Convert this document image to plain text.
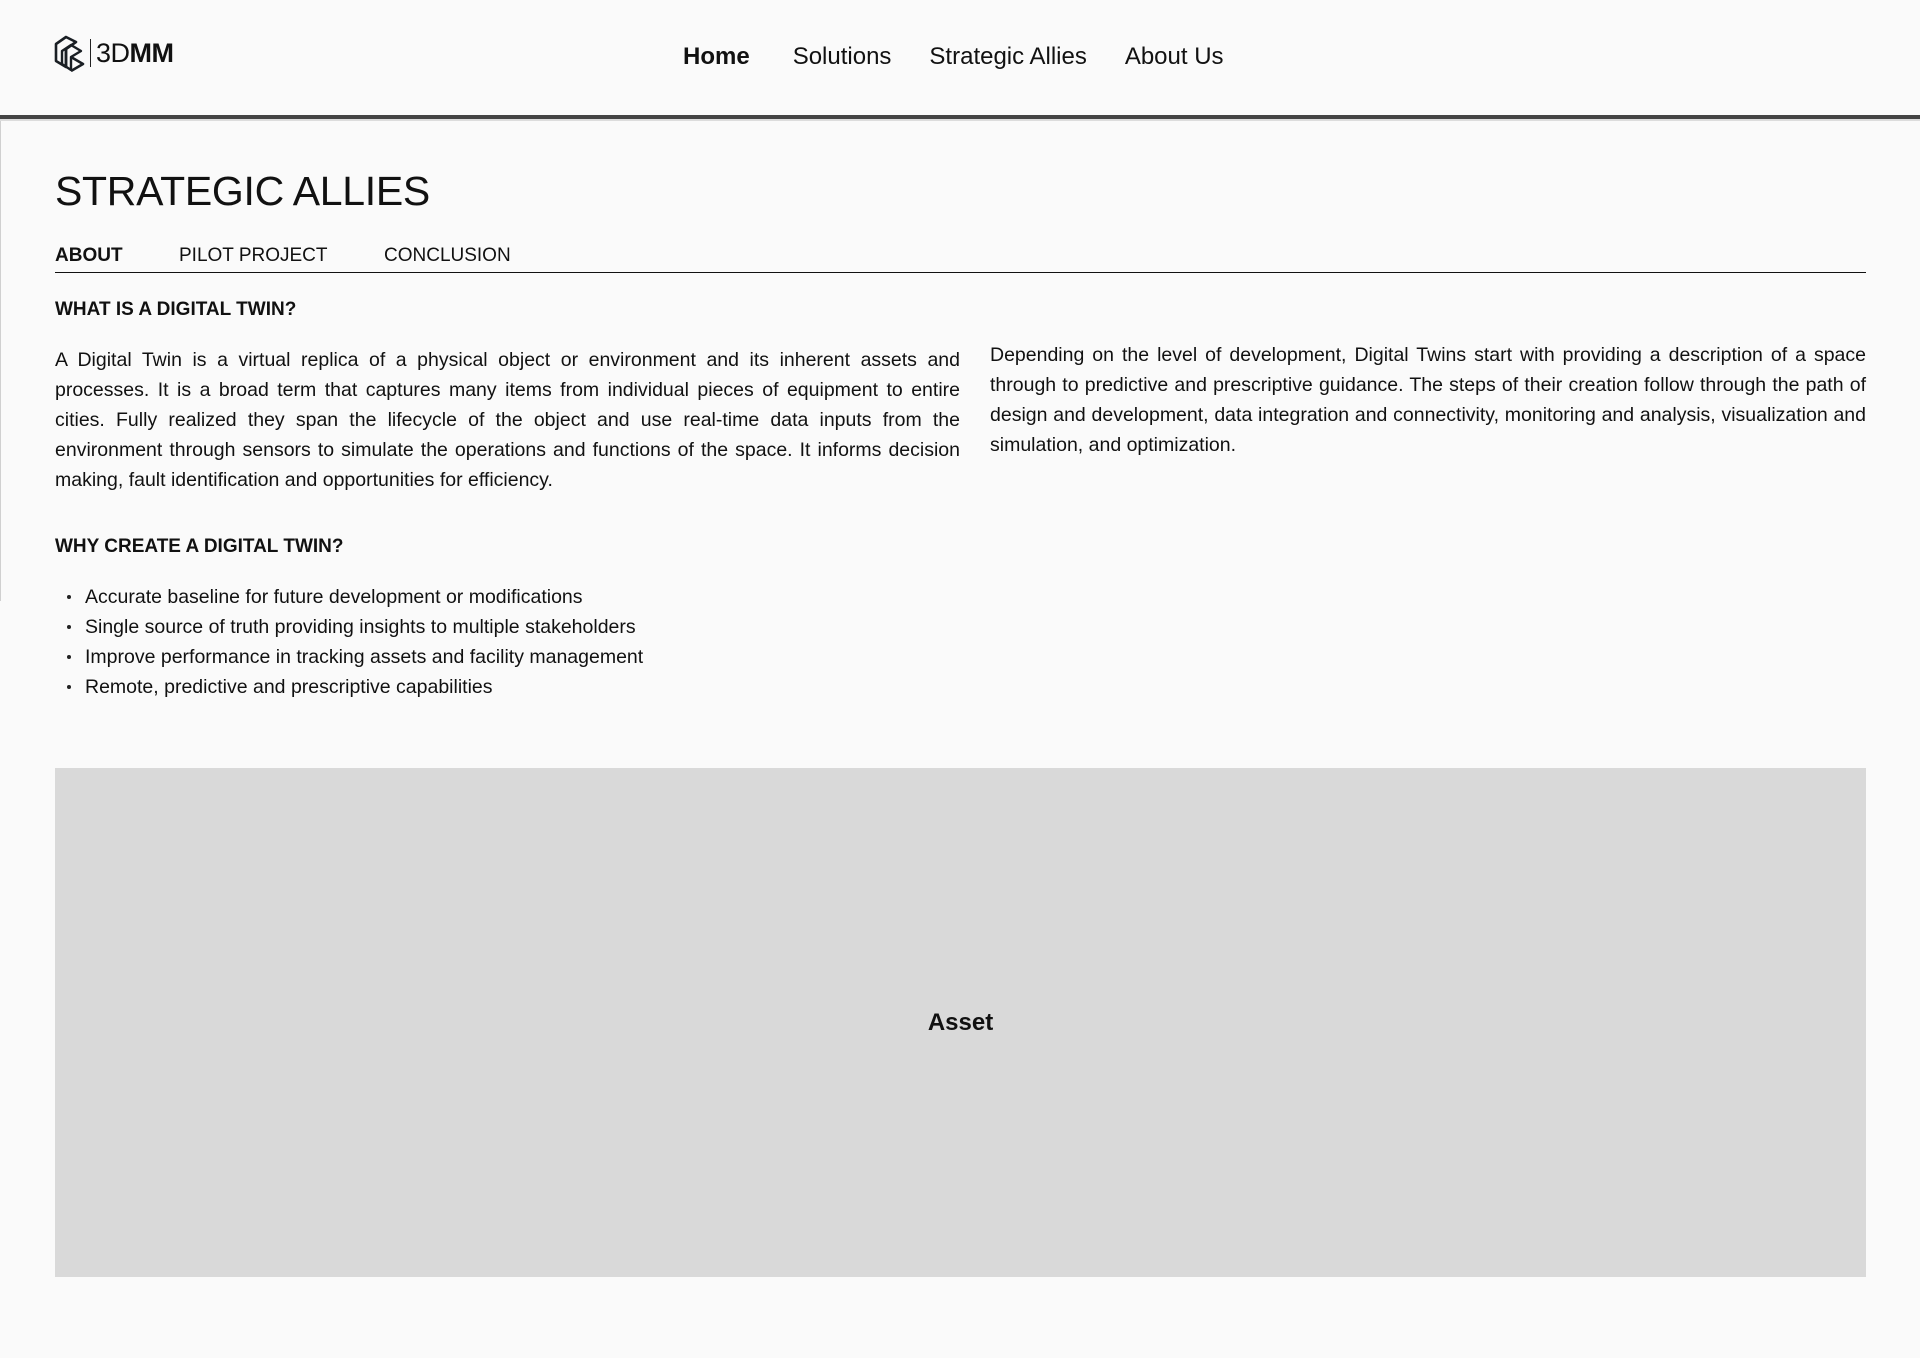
3DMM	Home Solutions Strategic Allies About Us
STRATEGIC ALLIES
ABOUT	PILOT PROJECT	CONCLUSION
WHAT IS A DIGITAL TWIN?

A Digital Twin is a virtual replica of a physical object or environment and its inherent assets and processes. It is a broad term that captures many items from individual pieces of equipment to entire cities. Fully realized they span the lifecycle of the object and use real-time data inputs from the environment through sensors to simulate the operations and functions of the space. It informs decision making, fault identification and opportunities for efficiency.

Depending on the level of development, Digital Twins start with providing a description of a space through to predictive and prescriptive guidance. The steps of their creation follow through the path of design and development, data integration and connectivity, monitoring and analysis, visualization and simulation, and optimization.

WHY CREATE A DIGITAL TWIN?
Accurate baseline for future development or modifications
Single source of truth providing insights to multiple stakeholders
Improve performance in tracking assets and facility management
Remote, predictive and prescriptive capabilities
Asset
